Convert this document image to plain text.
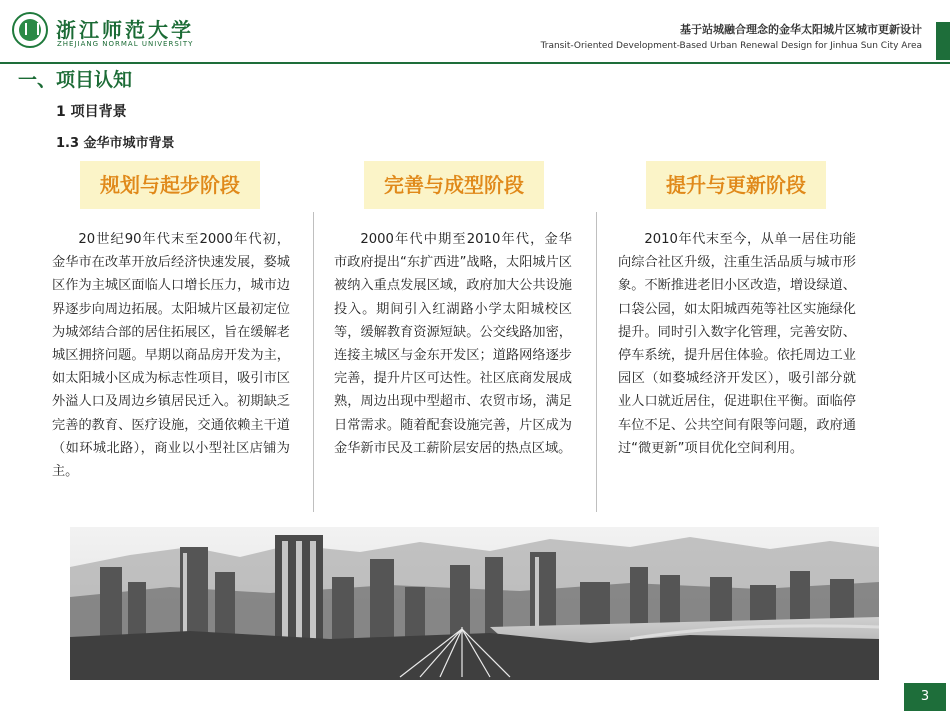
浙江师范大学
ZHEJIANG NORMAL UNIVERSITY
基于站城融合理念的金华太阳城片区城市更新设计
Transit-Oriented Development-Based Urban Renewal Design for Jinhua Sun City Area
一、项目认知
1 项目背景
1.3 金华市城市背景
规划与起步阶段	完善与成型阶段	提升与更新阶段
20世纪90年代末至2000年代初，金华市在改革开放后经济快速发展，婺城区作为主城区面临人口增长压力，城市边界逐步向周边拓展。太阳城片区最初定位为城郊结合部的居住拓展区，旨在缓解老城区拥挤问题。早期以商品房开发为主，如太阳城小区成为标志性项目，吸引市区外溢人口及周边乡镇居民迁入。初期缺乏完善的教育、医疗设施，交通依赖主干道（如环城北路），商业以小型社区店铺为主。
2000年代中期至2010年代，金华市政府提出“东扩西进”战略，太阳城片区被纳入重点发展区域，政府加大公共设施投入。期间引入红湖路小学太阳城校区等，缓解教育资源短缺。公交线路加密，连接主城区与金东开发区；道路网络逐步完善，提升片区可达性。社区底商发展成熟，周边出现中型超市、农贸市场，满足日常需求。随着配套设施完善，片区成为金华新市民及工薪阶层安居的热点区域。
2010年代末至今，从单一居住功能向综合社区升级，注重生活品质与城市形象。不断推进老旧小区改造，增设绿道、口袋公园，如太阳城西苑等社区实施绿化提升。同时引入数字化管理，完善安防、停车系统，提升居住体验。依托周边工业园区（如婺城经济开发区），吸引部分就业人口就近居住，促进职住平衡。面临停车位不足、公共空间有限等问题，政府通过“微更新”项目优化空间利用。
3
